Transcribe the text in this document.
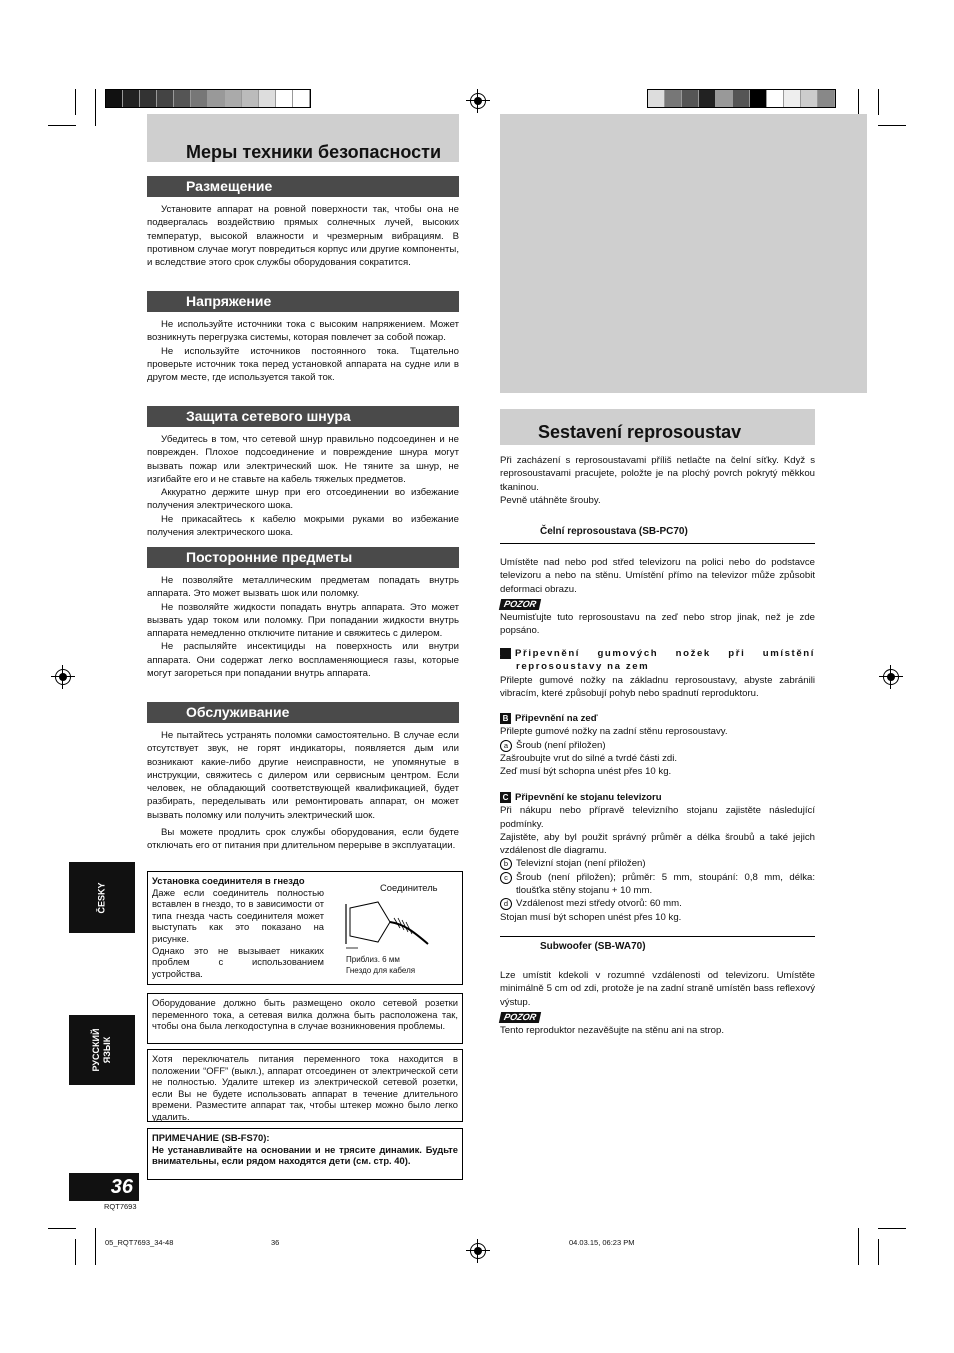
Меры техники безопасности
Размещение

Установите аппарат на ровной поверхности так, чтобы она не подвергалась воздействию прямых солнечных лучей, высоких температур, высокой влажности и чрезмерным вибрациям. В противном случае могут повредиться корпус или другие компоненты, и вследствие этого срок службы оборудования сократится.

Напряжение

Не используйте источники тока с высоким напряжением. Может возникнуть перегрузка системы, которая повлечет за собой пожар.

Не используйте источников постоянного тока. Тщательно проверьте источник тока перед установкой аппарата на судне или в другом месте, где используется такой ток.

Защита сетевого шнура

Убедитесь в том, что сетевой шнур правильно подсоединен и не поврежден. Плохое подсоединение и повреждение шнура могут вызвать пожар или электрический шок. Не тяните за шнур, не изгибайте его и не ставьте на кабель тяжелых предметов.

Аккуратно держите шнур при его отсоединении во избежание получения электрического шока.

Не прикасайтесь к кабелю мокрыми руками во избежание получения электрического шока.

Посторонние предметы

Не позволяйте металлическим предметам попадать внутрь аппарата. Это может вызвать шок или поломку.

Не позволяйте жидкости попадать внутрь аппарата. Это может вызвать удар током или поломку. При попадании жидкости внутрь аппарата немедленно отключите питание и свяжитесь с дилером.

Не распыляйте инсектициды на поверхность или внутри аппарата. Они содержат легко воспламеняющиеся газы, которые могут загореться при попадании внутрь аппарата.

Обслуживание

Не пытайтесь устранять поломки самостоятельно. В случае если отсутствует звук, не горят индикаторы, появляется дым или возникают какие-либо другие неисправности, не упомянутые в инструкции, свяжитесь с дилером или сервисным центром. Если человек, не обладающий соответствующей квалификацией, будет разбирать, переделывать или ремонтировать аппарат, он может вызвать поломку или получить электрический шок.

Вы можете продлить срок службы оборудования, если будете отключать его от питания при длительном перерыве в эксплуатации.

Установка соединителя в гнездо

Даже если соединитель полностью вставлен в гнездо, то в зависимости от типа гнезда часть соединителя может выступать как это показано на рисунке.

Однако это не вызывает никаких проблем с использованием устройства.

Соединитель
Приблиз. 6 мм
Гнездо для кабеля

Оборудование должно быть размещено около сетевой розетки переменного тока, а сетевая вилка должна быть расположена так, чтобы она была легкодоступна в случае возникновения проблемы.

Хотя переключатель питания переменного тока находится в положении “OFF” (выкл.), аппарат отсоединен от электрической сети не полностью. Удалите штекер из электрической сетевой розетки, если Вы не будете использовать аппарат в течение длительного времени. Разместите аппарат так, чтобы штекер можно было легко удалить.

ПРИМЕЧАНИЕ (SB-FS70):

Не устанавливайте на основании и не трясите динамик. Будьте внимательны, если рядом находятся дети (см. стр. 40).

ČESKY
РУССКИЙ
ЯЗЫК
36
RQT7693
Sestavení reprosoustav

Při zacházení s reprosoustavami příliš netlačte na čelní síťky. Když s reprosoustavami pracujete, položte je na plochý povrch pokrytý měkkou tkaninou.

Pevně utáhněte šrouby.

Čelní reprosoustava (SB-PC70)

Umístěte nad nebo pod střed televizoru na polici nebo do podstavce televizoru a nebo na stěnu. Umístění přímo na televizor může způsobit deformaci obrazu.

POZOR

Neumisťujte tuto reprosoustavu na zeď nebo strop jinak, než je zde popsáno.

A Připevnění gumových nožek při umístění reprosoustavy na zem

Přilepte gumové nožky na základnu reprosoustavy, abyste zabránili vibracím, které způsobují pohyb nebo spadnutí reproduktoru.

B Připevnění na zeď

Přilepte gumové nožky na zadní stěnu reprosoustavy.

a Šroub (není přiložen)

Zašroubujte vrut do silné a tvrdé části zdi.

Zeď musí být schopna unést přes 10 kg.

C Připevnění ke stojanu televizoru

Při nákupu nebo přípravě televizního stojanu zajistěte následující podmínky.

Zajistěte, aby byl použit správný průměr a délka šroubů a také jejich vzdálenost dle diagramu.

b Televizní stojan (není přiložen)

c Šroub (není přiložen); průměr: 5 mm, stoupání: 0,8 mm, délka: tloušťka stěny stojanu + 10 mm.

d Vzdálenost mezi středy otvorů: 60 mm.

Stojan musí být schopen unést přes 10 kg.

Subwoofer (SB-WA70)

Lze umístit kdekoli v rozumné vzdálenosti od televizoru. Umístěte minimálně 5 cm od zdi, protože je na zadní straně umístěn bass reflexový výstup.

POZOR

Tento reproduktor nezavěšujte na stěnu ani na strop.

05_RQT7693_34-48	36	04.03.15, 06:23 PM
